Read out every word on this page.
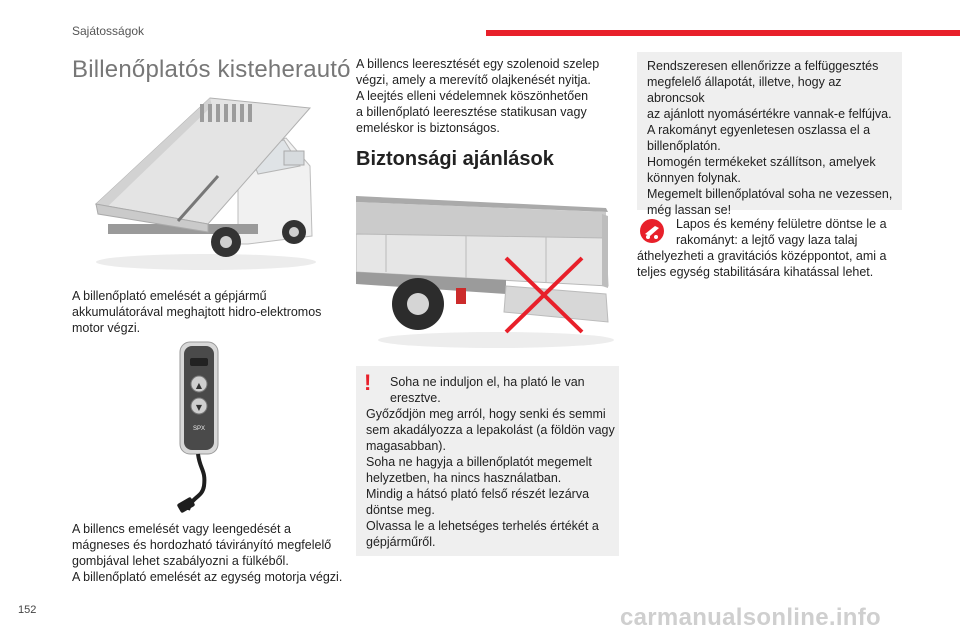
Sajátosságok
Billenőplatós kisteherautó
A billenőplató emelését a gépjármű
akkumulátorával meghajtott hidro-elektromos
motor végzi.
▲
▼
SPX
A billencs emelését vagy leengedését a
mágneses és hordozható távirányító megfelelő
gombjával lehet szabályozni a fülkéből.
A billenőplató emelését az egység motorja végzi.
A billencs leeresztését egy szolenoid szelep
végzi, amely a merevítő olajkenését nyitja.
A leejtés elleni védelemnek köszönhetően
a billenőplató leeresztése statikusan vagy
emeléskor is biztonságos.
Biztonsági ajánlások
!	Soha ne induljon el, ha plató le van
eresztve.
Győződjön meg arról, hogy senki és semmi
sem akadályozza a lepakolást (a földön vagy
magasabban).
Soha ne hagyja a billenőplatót megemelt
helyzetben, ha nincs használatban.
Mindig a hátsó plató felső részét lezárva
döntse meg.
Olvassa le a lehetséges terhelés értékét a
gépjárműről.
Rendszeresen ellenőrizze a felfüggesztés
megfelelő állapotát, illetve, hogy az abroncsok
az ajánlott nyomásértékre vannak-e felfújva.
A rakományt egyenletesen oszlassa el a
billenőplatón.
Homogén termékeket szállítson, amelyek
könnyen folynak.
Megemelt billenőplatóval soha ne vezessen,
még lassan se!
Lapos és kemény felületre döntse le a
rakományt: a lejtő vagy laza talaj
áthelyezheti a gravitációs középpontot, ami a
teljes egység stabilitására kihatással lehet.
152	carmanualsonline.info
